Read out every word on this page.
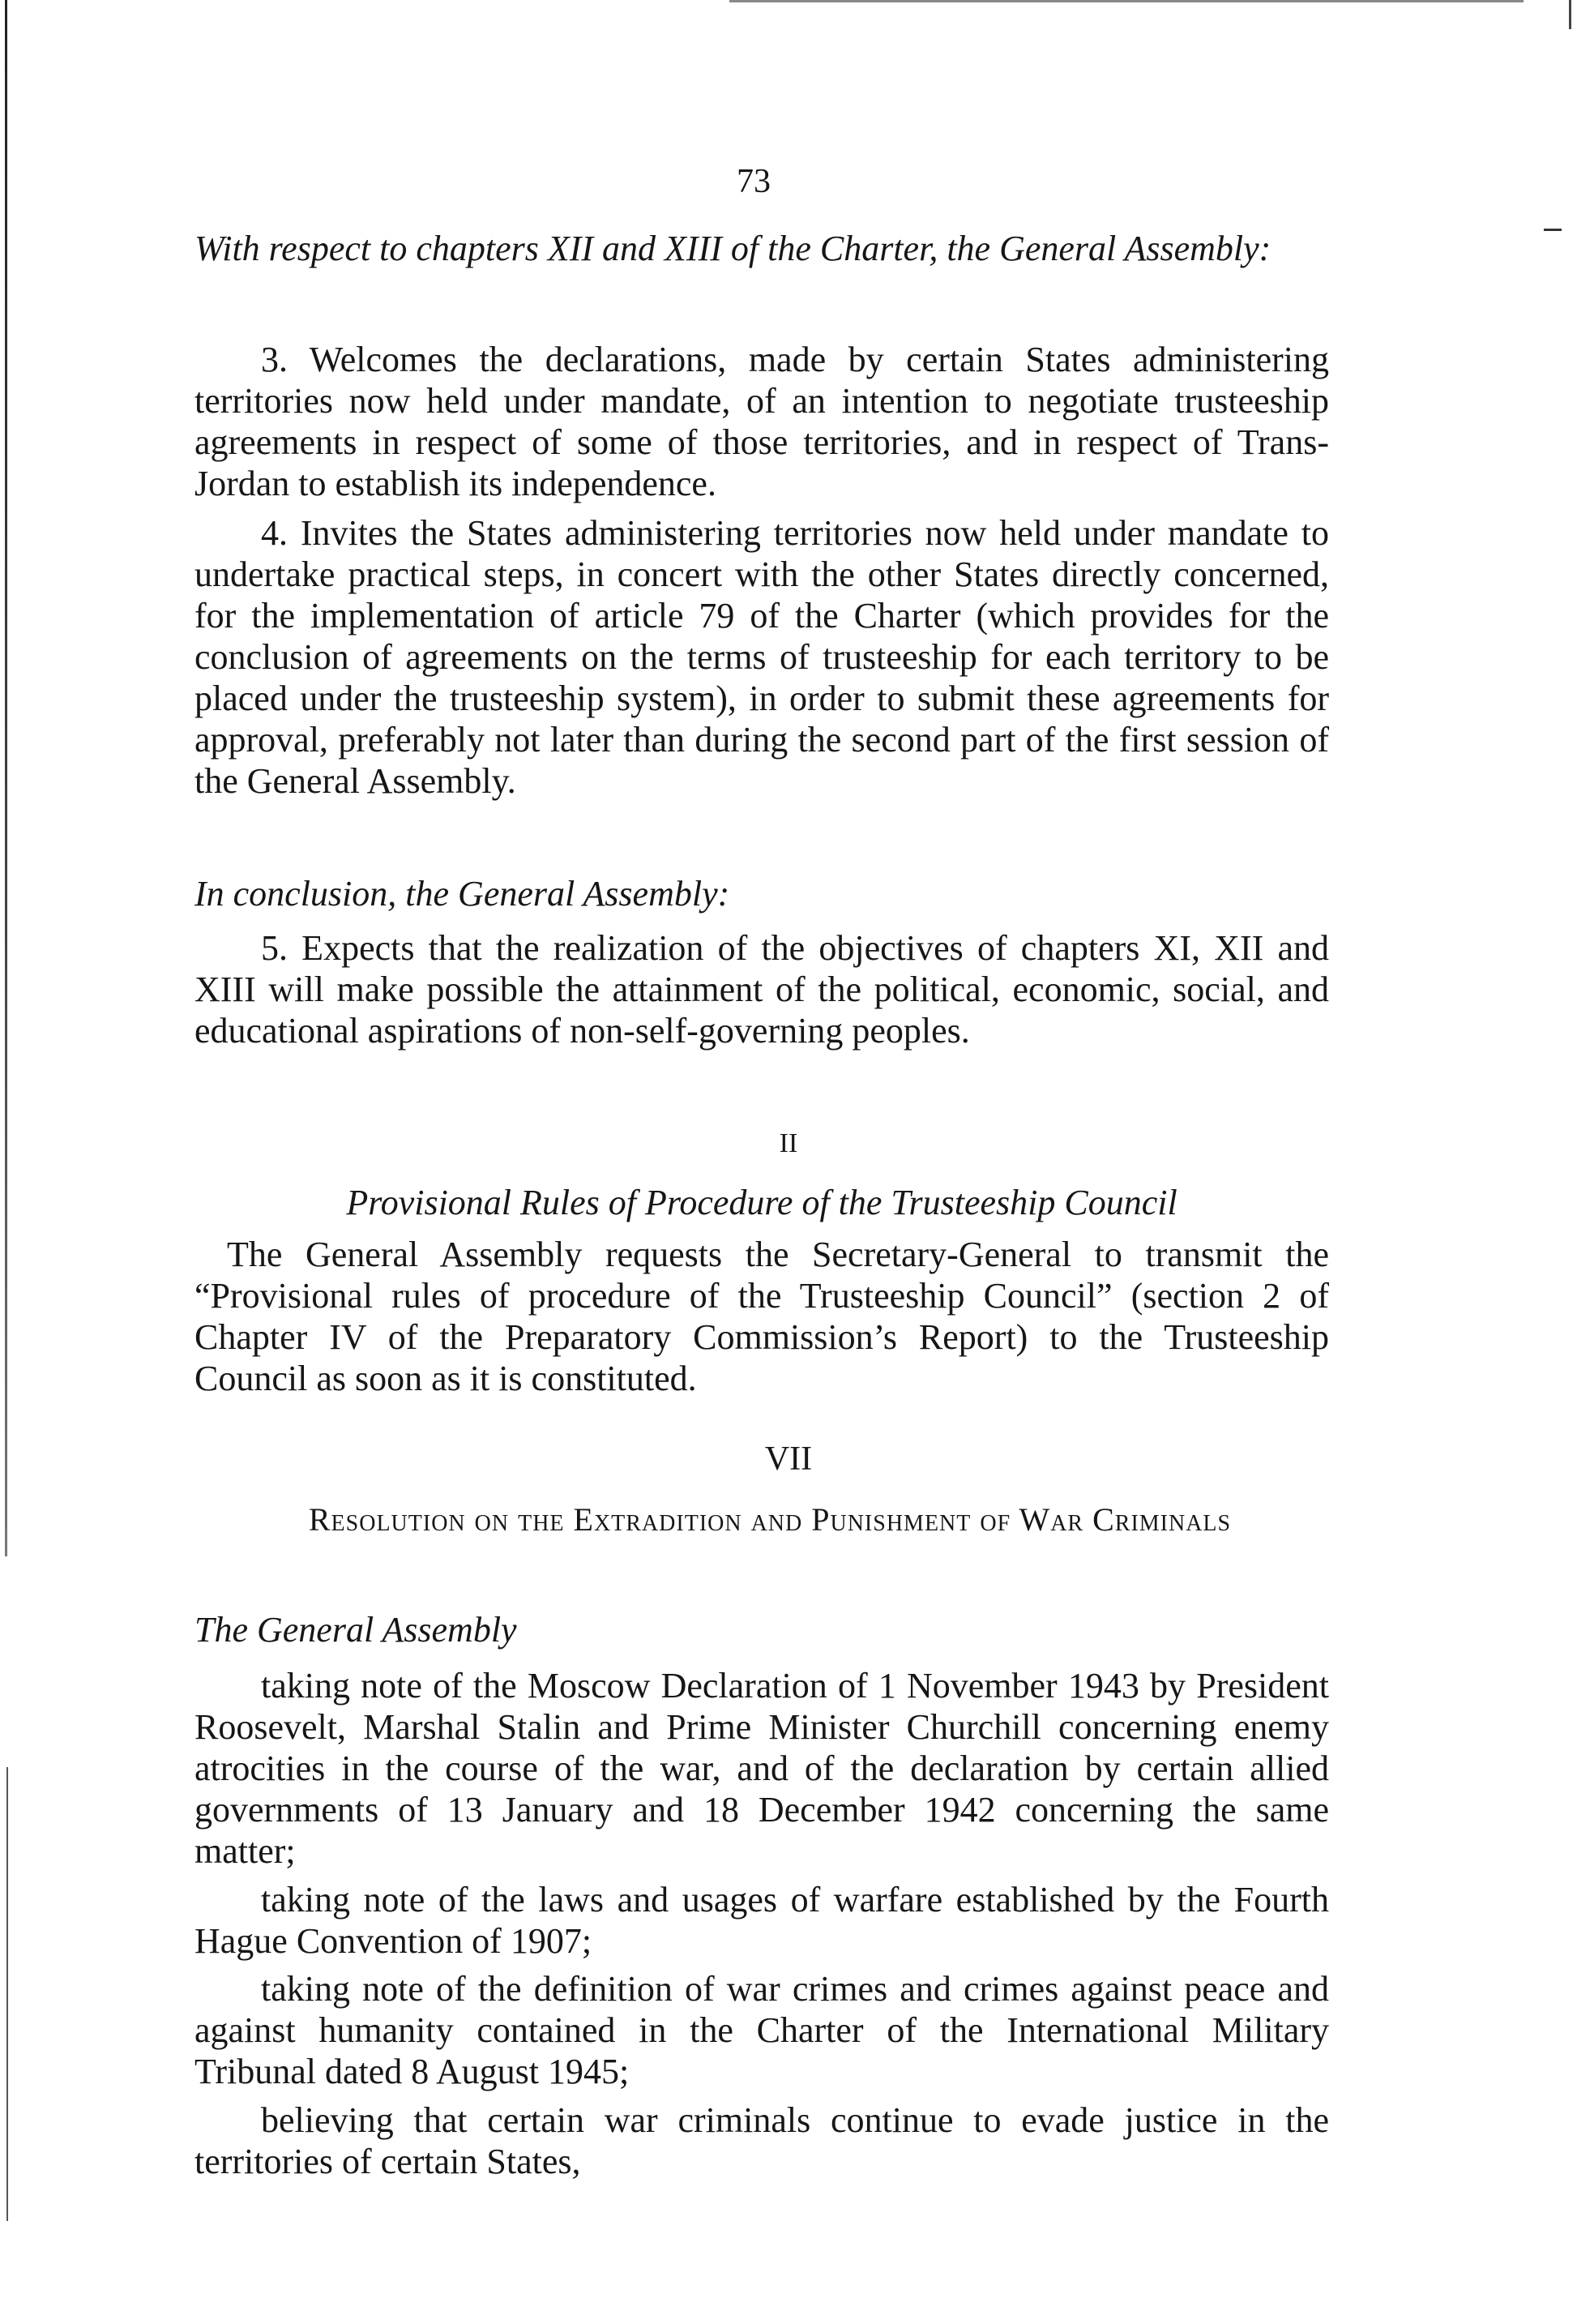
73

With respect to chapters XII and XIII of the Charter, the General Assembly:

3. Welcomes the declarations, made by certain States administering territories now held under mandate, of an intention to negotiate trusteeship agreements in respect of some of those territories, and in respect of Trans-Jordan to establish its independence.

4. Invites the States administering territories now held under mandate to undertake practical steps, in concert with the other States directly concerned, for the implementation of article 79 of the Charter (which provides for the conclusion of agreements on the terms of trusteeship for each territory to be placed under the trusteeship system), in order to submit these agreements for approval, preferably not later than during the second part of the first session of the General Assembly.

In conclusion, the General Assembly:

5. Expects that the realization of the objectives of chapters XI, XII and XIII will make possible the attainment of the political, economic, social, and educational aspirations of non-self-governing peoples.

II

Provisional Rules of Procedure of the Trusteeship Council

The General Assembly requests the Secretary-General to transmit the “Provisional rules of procedure of the Trusteeship Council” (section 2 of Chapter IV of the Preparatory Commission’s Report) to the Trusteeship Council as soon as it is constituted.

VII

Resolution on the Extradition and Punishment of War Criminals

The General Assembly

taking note of the Moscow Declaration of 1 November 1943 by President Roosevelt, Marshal Stalin and Prime Minister Churchill concerning enemy atrocities in the course of the war, and of the declaration by certain allied governments of 13 January and 18 December 1942 concerning the same matter;

taking note of the laws and usages of warfare established by the Fourth Hague Convention of 1907;

taking note of the definition of war crimes and crimes against peace and against humanity contained in the Charter of the International Military Tribunal dated 8 August 1945;

believing that certain war criminals continue to evade justice in the territories of certain States,
